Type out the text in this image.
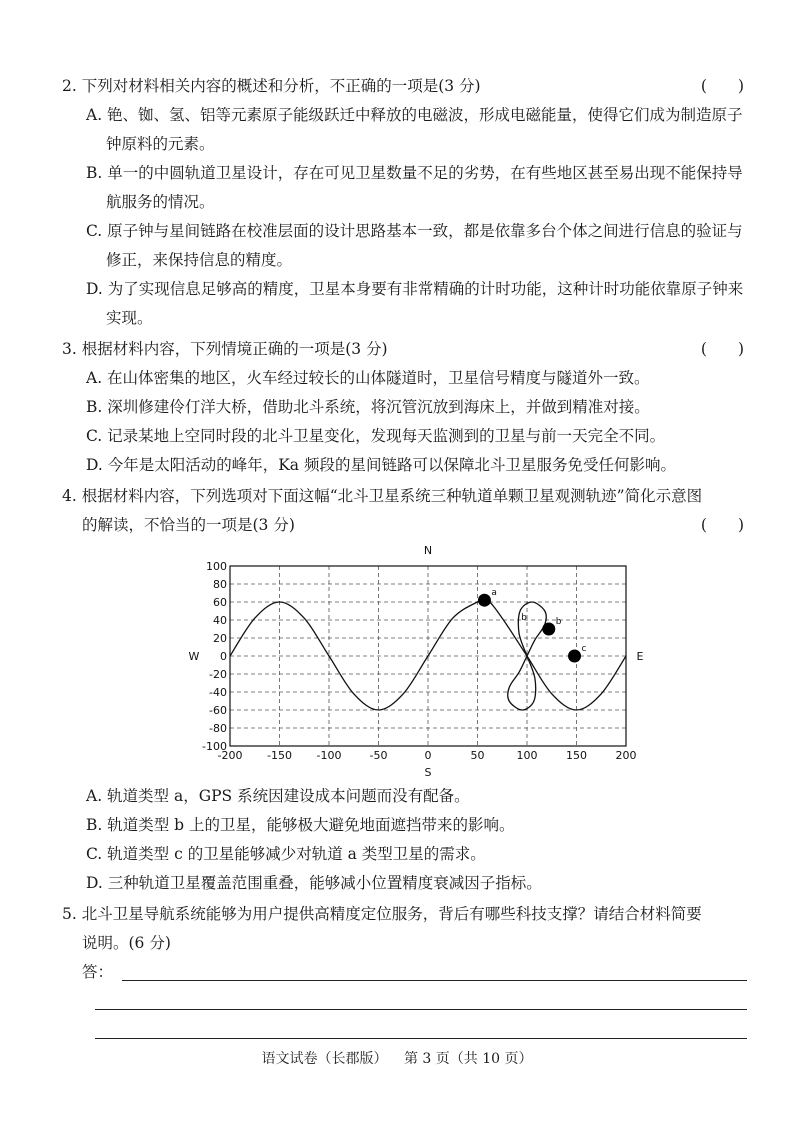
2. 下列对材料相关内容的概述和分析，不正确的一项是(3 分)	(　　)
A. 铯、铷、氢、铝等元素原子能级跃迁中释放的电磁波，形成电磁能量，使得它们成为制造原子钟原料的元素。
B. 单一的中圆轨道卫星设计，存在可见卫星数量不足的劣势，在有些地区甚至易出现不能保持导航服务的情况。
C. 原子钟与星间链路在校准层面的设计思路基本一致，都是依靠多台个体之间进行信息的验证与修正，来保持信息的精度。
D. 为了实现信息足够高的精度，卫星本身要有非常精确的计时功能，这种计时功能依靠原子钟来实现。
3. 根据材料内容，下列情境正确的一项是(3 分)	(　　)
A. 在山体密集的地区，火车经过较长的山体隧道时，卫星信号精度与隧道外一致。
B. 深圳修建伶仃洋大桥，借助北斗系统，将沉管沉放到海床上，并做到精准对接。
C. 记录某地上空同时段的北斗卫星变化，发现每天监测到的卫星与前一天完全不同。
D. 今年是太阳活动的峰年，Ka 频段的星间链路可以保障北斗卫星服务免受任何影响。
4. 根据材料内容，下列选项对下面这幅“北斗卫星系统三种轨道单颗卫星观测轨迹”简化示意图
的解读，不恰当的一项是(3 分)	(　　)
-200 -150 -100	-50	0	50	100	150	200
100
80
60
40
20
0
-20
-40
-60
-80
-100
N
S
W	E
a
b
c
b
A. 轨道类型 a，GPS 系统因建设成本问题而没有配备。
B. 轨道类型 b 上的卫星，能够极大避免地面遮挡带来的影响。
C. 轨道类型 c 的卫星能够减少对轨道 a 类型卫星的需求。
D. 三种轨道卫星覆盖范围重叠，能够减小位置精度衰减因子指标。
5. 北斗卫星导航系统能够为用户提供高精度定位服务，背后有哪些科技支撑？请结合材料简要
说明。(6 分)
答：
语文试卷（长郡版） 第 3 页（共 10 页）
